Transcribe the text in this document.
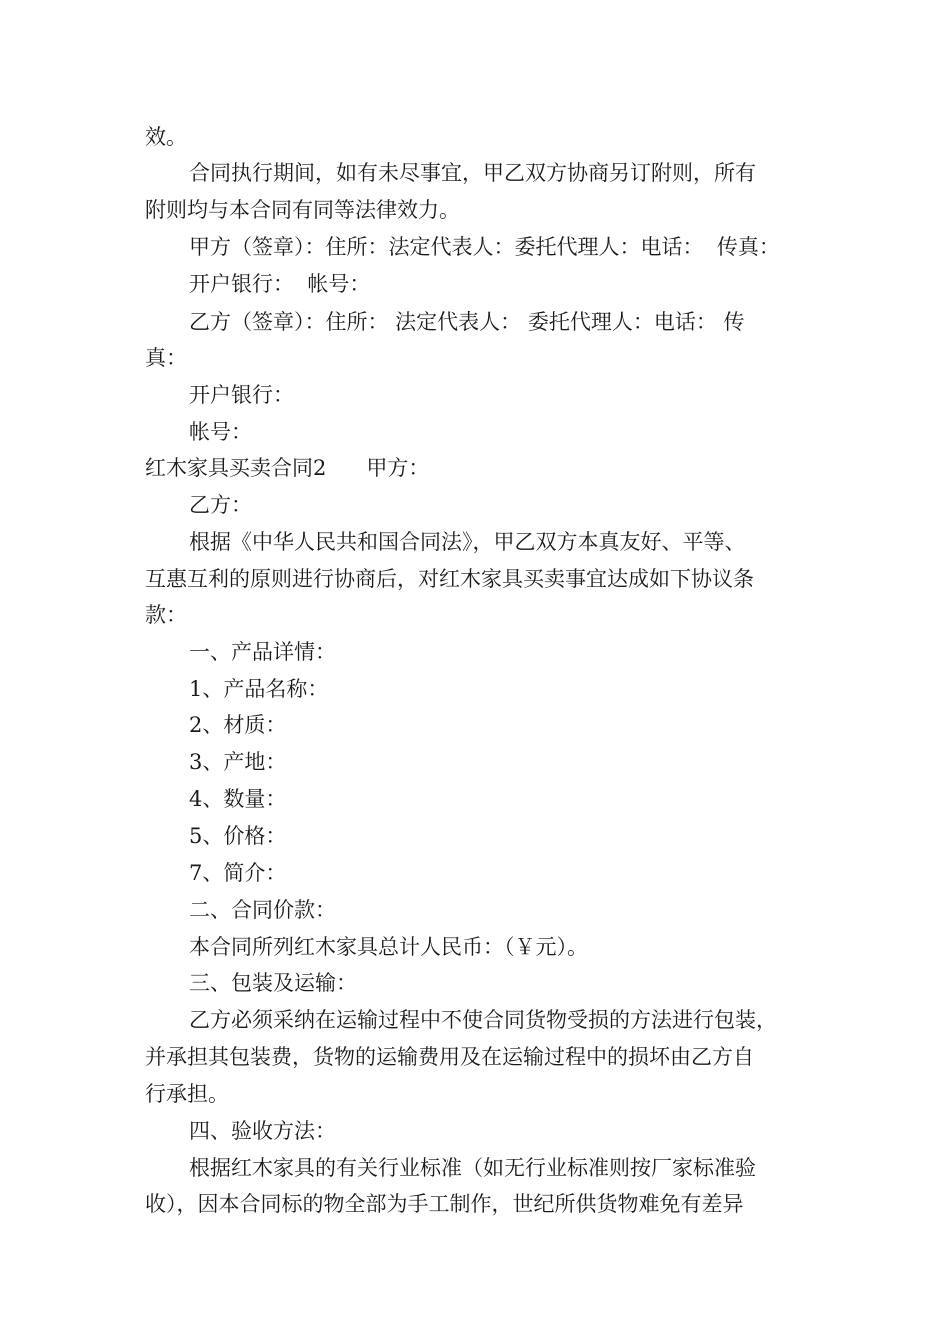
效。
合同执行期间，如有未尽事宜，甲乙双方协商另订附则，所有
附则均与本合同有同等法律效力。
甲方（签章）：住所：法定代表人：委托代理人：电话：  传真：
开户银行：  帐号：
乙方（签章）：住所： 法定代表人： 委托代理人：电话： 传
真：
开户银行：
帐号：
红木家具买卖合同2      甲方：
乙方：
根据《中华人民共和国合同法》，甲乙双方本真友好、平等、
互惠互利的原则进行协商后，对红木家具买卖事宜达成如下协议条
款：
一、产品详情：
1、产品名称：
2、材质：
3、产地：
4、数量：
5、价格：
7、简介：
二、合同价款：
本合同所列红木家具总计人民币：（￥元）。
三、包装及运输：
乙方必须采纳在运输过程中不使合同货物受损的方法进行包装，
并承担其包装费，货物的运输费用及在运输过程中的损坏由乙方自
行承担。
四、验收方法：
根据红木家具的有关行业标准（如无行业标准则按厂家标准验
收），因本合同标的物全部为手工制作，世纪所供货物难免有差异
